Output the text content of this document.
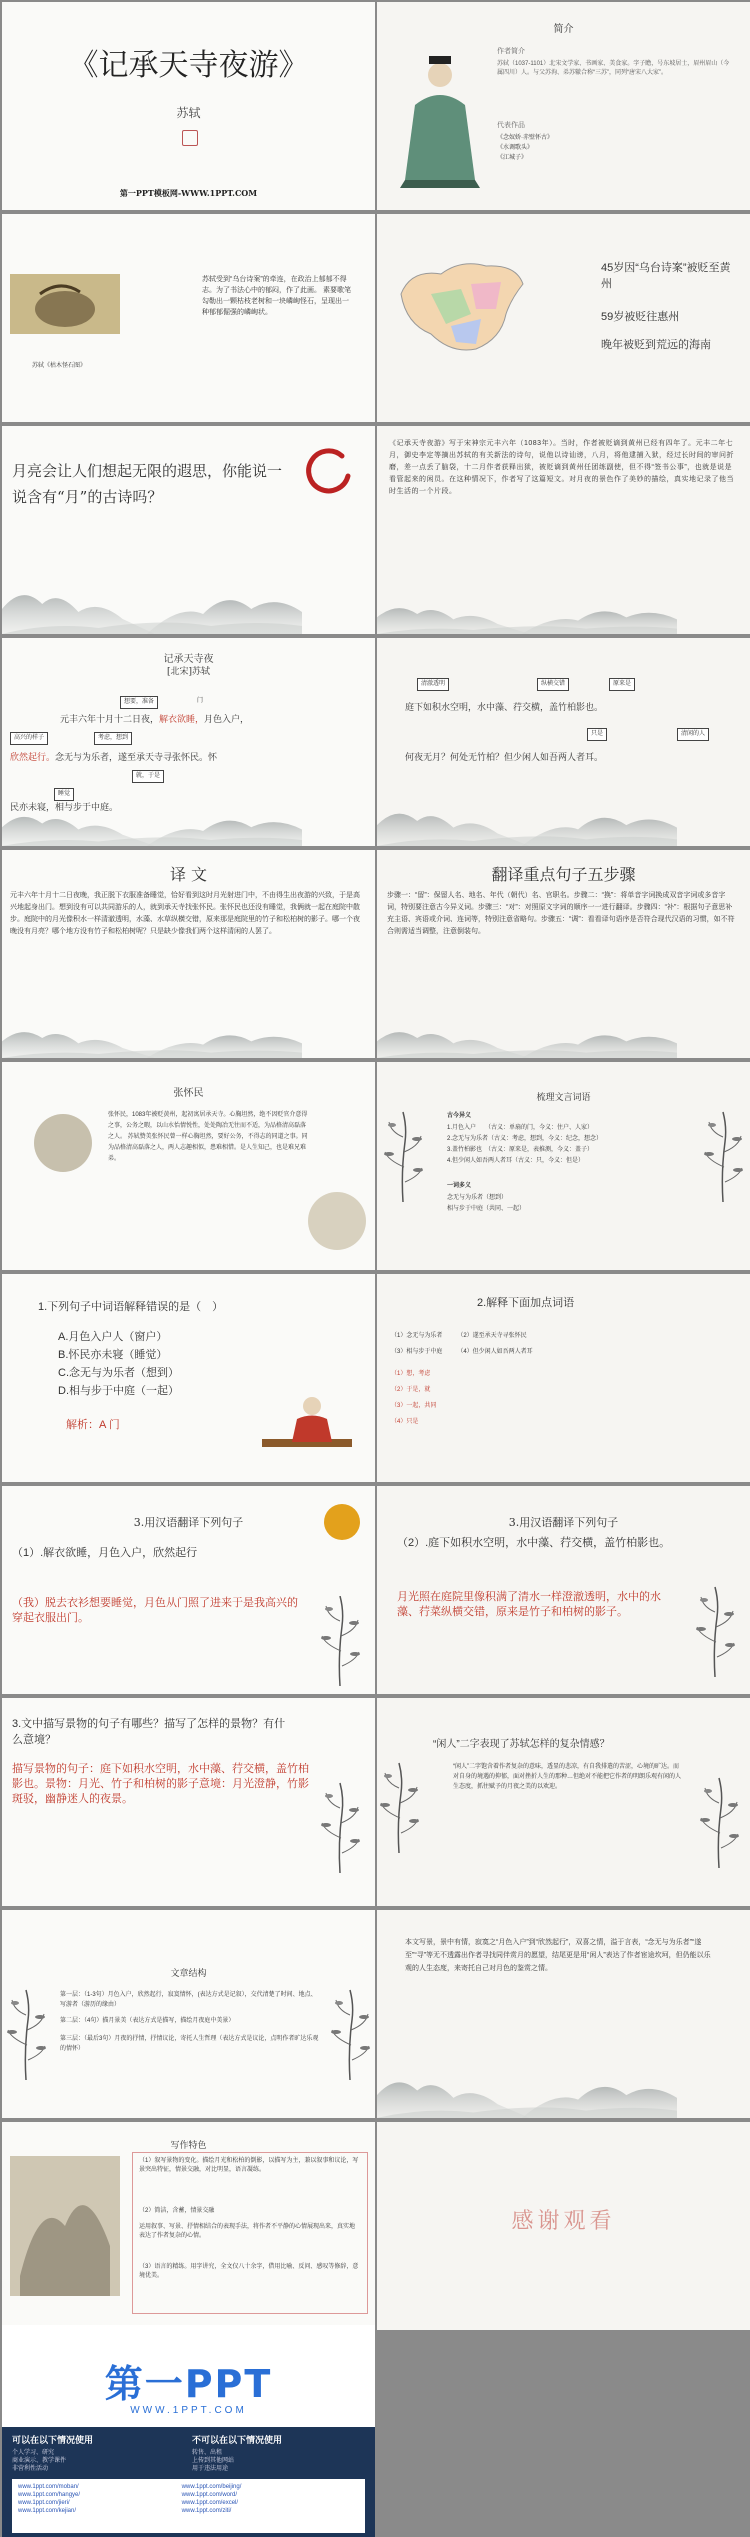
《记承天寺夜游》
苏轼
第一PPT模板网-WWW.1PPT.COM
简介
作者简介
苏轼（1037-1101）北宋文学家、书画家、美食家。字子瞻，号东坡居士，眉州眉山（今属四川）人。与父苏洵、弟苏辙合称“三苏”，同列“唐宋八大家”。
代表作品
《念奴娇·赤壁怀古》
《水调歌头》
《江城子》
苏轼《枯木怪石图》
苏轼受到“乌台诗案”的牵连，在政治上郁郁不得志。为了书法心中的郁闷，作了此画。 素要歌笔勾勒出一颗枯枝老树和一块嶙峋怪石，呈现出一种郁郁倔强的嶙峋状。
45岁因“乌台诗案”被贬至黄州
59岁被贬往惠州
晚年被贬到荒远的海南
月亮会让人们想起无限的遐思，你能说一说含有“月”的古诗吗？
《记承天寺夜游》写于宋神宗元丰六年（1083年）。当时，作者被贬谪到黄州已经有四年了。元丰二年七月，御史李定等摘出苏轼的有关新法的诗句，说他以诗讪谤，八月，将他逮捕入狱，经过长时间的审问折磨，差一点丢了脑袋，十二月作者获释出狱，被贬谪到黄州任团练副使，但不得“签书公事”，也就是说是看管起来的闲员。在这种情况下，作者写了这篇短文。对月夜的景色作了美妙的描绘，真实地记录了他当时生活的一个片段。
记承天寺夜
[北宋]苏轼
想要，准备	门
元丰六年十月十二日夜，解衣欲睡，月色入户，
高兴的样子	考虑，想到
欣然起行。念无与为乐者，遂至承天寺寻张怀民。怀
就，于是
睡觉
民亦未寝，相与步于中庭。
清澈透明	纵横交错	原来是
庭下如积水空明，水中藻、荇交横，盖竹柏影也。
只是	清闲的人
何夜无月？何处无竹柏？但少闲人如吾两人者耳。
译 文
元丰六年十月十二日夜晚，我正脱下衣服准备睡觉，恰好看到这时月光射进门中，不由得生出夜游的兴致，于是高兴地起身出门。想到没有可以共同游乐的人，就到承天寺找张怀民。张怀民也还没有睡觉，我俩就一起在庭院中散步。庭院中的月光像积水一样清澈透明，水藻、水草纵横交错，原来那是庭院里的竹子和松柏树的影子。哪一个夜晚没有月亮？哪个地方没有竹子和松柏树呢？只是缺少像我们两个这样清闲的人罢了。
翻译重点句子五步骤
步骤一：“留”：保留人名、地名、年代（朝代）名、官职名。步骤二：“换”：将单音字词换成双音字词或多音字词，特别要注意古今异义词。步骤三：“对”：对照原文字词的顺序一一进行翻译。步骤四：“补”：根据句子意思补充主语、宾语或介词、连词等，特别注意省略句。步骤五：“调”：看看译句语序是否符合现代汉语的习惯，如不符合则需适当调整，注意倒装句。
张怀民
张怀民，1083年被贬黄州，起初寓居承天寺。心胸坦然，绝不因贬官介意得之事，公务之暇，以山水怡情悦性，处处陶冶无往而不适，为品格清高磊落之人。 苏轼赞美张怀民曾一样心胸坦然，要好公务，不得志的同道之事。同为品格清高磊落之人，两人志趣相似，患难相惜。是人生知己，也是难兄难弟。
梳理文言词语
古今异义
1.月色入户　　（古义：单扇的门，今义：住户、人家）
2.念无与为乐者（古义：考虑，想到，今义：纪念，想念）
3.盖竹柏影也　（古义：原来是，表推测，今义：盖子）
4.但少闲人如吾两人者耳（古义：只，今义：但是）
一词多义
念无与为乐者（想到）
相与步于中庭（共同、一起）
1.下列句子中词语解释错误的是（　）
A.月色入户人（窗户）
B.怀民亦未寝（睡觉）
C.念无与为乐者（想到）
D.相与步于中庭（一起）
解析：A 门
2.解释下面加点词语
（1）念无与为乐者　　　（2）遂至承天寺寻张怀民
（3）相与步于中庭　　　（4）但少闲人如吾两人者耳
（1）想，考虑
（2）于是，就
（3）一起，共同
（4）只是
3.用汉语翻译下列句子
（1）.解衣欲睡，月色入户，欣然起行
（我）脱去衣衫想要睡觉，月色从门照了进来于是我高兴的穿起衣服出门。
3.用汉语翻译下列句子
（2）.庭下如积水空明，水中藻、荇交横，盖竹柏影也。
月光照在庭院里像积满了清水一样澄澈透明，水中的水藻、荇菜纵横交错，原来是竹子和柏树的影子。
3.文中描写景物的句子有哪些？描写了怎样的景物？有什么意境？
描写景物的句子：庭下如积水空明，水中藻、荇交横，盖竹柏影也。景物：月光、竹子和柏树的影子意境：月光澄静，竹影斑驳，幽静迷人的夜景。
“闲人”二字表现了苏轼怎样的复杂情感？
“闲人”二字饱含着作者复杂的意味，透显的悲凉，有自我排遣的苦涩，心境的旷达。而对自身的境遇的抑郁，面对挫折人生的那种…但绝对不能把它作者的明朗乐观有闲的人生态度，抓往赋予的月夜之美的以欢迎。
文章结构
第一层：（1-3句）月色入户，欣然起行，寂寞情怀，(表达方式是记叙），交代清楚了时间、地点、写游者（游历的缘由）
第二层：（4句）描月景美（表达方式是描写，描绘月夜庭中美景）
第三层：（最后3句）月夜的抒情，抒情议论，寄托人生哲理（表达方式是议论，点明作者旷达乐观的情怀）
本文写景，景中有情，寂寞之“月色入户”到“欣然起行”，双喜之情，溢于言表，“念无与为乐者”“遂至”“寻”等无不透露出作者寻找同伴赏月的愿望，结尾更是用“闲人”表达了作者宦途坎坷，但仍能以乐观的人生态度，来寄托自己对月色的鉴赏之情。
写作特色
（1）叙写景物的变化。描绘月光和松柏的倒影，以描写为主，兼以叙事和议论，写景突出特征，情景交融，对比明显，语言凝练。
（2）简洁，含蓄，情景交融
运用叙事、写景、抒情相结合的表现手法，将作者不平静的心情展现出来，真实地表达了作者复杂的心情。
（3）语言的精练。用字讲究，全文仅八十余字，借用比喻、反问、感叹等修辞，意境优美。
感谢观看
第一PPT
WWW.1PPT.COM
可以在以下情况使用	不可以在以下情况使用
个人学习、研究
商业演示、教学课件
非营利性活动
转售、出租
上传到其他网站
用于违法用途
www.1ppt.com/moban/
www.1ppt.com/hangye/
www.1ppt.com/jieri/
www.1ppt.com/kejian/
www.1ppt.com/beijing/
www.1ppt.com/word/
www.1ppt.com/excel/
www.1ppt.com/ziti/
